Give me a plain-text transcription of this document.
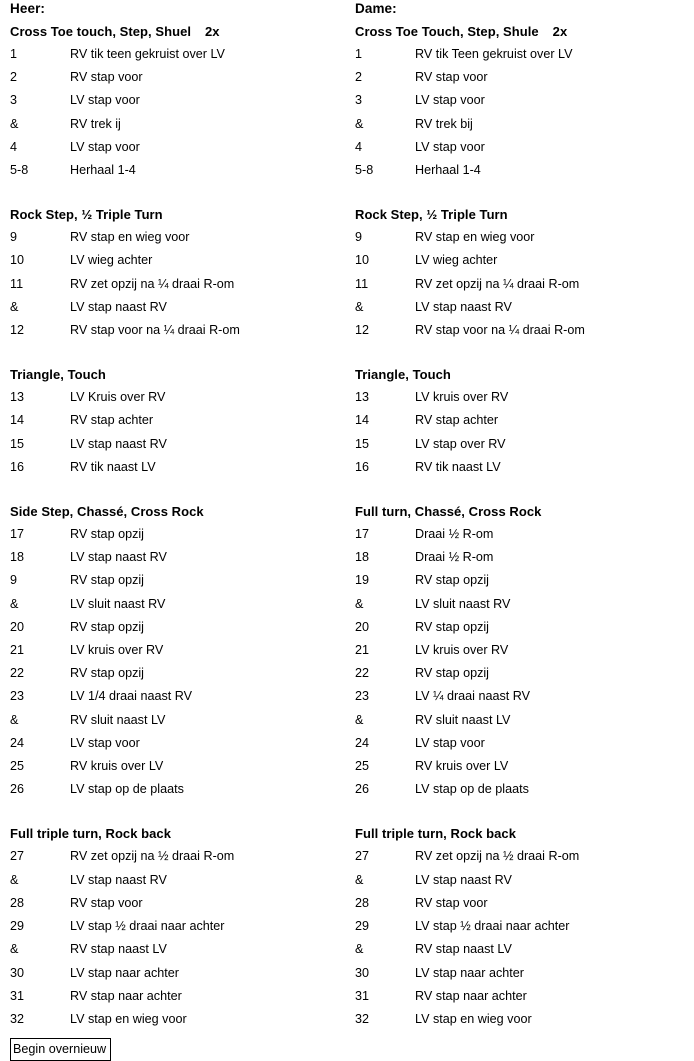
Heer:
Cross Toe touch, Step, Shuel 2x
1	RV tik teen gekruist over LV
2	RV stap voor
3	LV stap voor
&	RV trek ij
4	LV stap voor
5-8	Herhaal 1-4
Rock Step, ½ Triple Turn
9	RV stap en wieg voor
10	LV wieg achter
11	RV zet opzij na ¼ draai R-om
&	LV stap naast RV
12	RV stap voor na ¼ draai R-om
Triangle, Touch
13	LV Kruis over RV
14	RV stap achter
15	LV stap naast RV
16	RV tik naast LV
Side Step, Chassé, Cross Rock
17	RV stap opzij
18	LV stap naast RV
9	RV stap opzij
&	LV sluit naast RV
20	RV stap opzij
21	LV kruis over RV
22	RV stap opzij
23	LV 1/4 draai naast RV
&	RV sluit naast LV
24	LV stap voor
25	RV kruis over LV
26	LV stap op de plaats
Full triple turn, Rock back
27	RV zet opzij na ½ draai R-om
&	LV stap naast RV
28	RV stap voor
29	LV stap ½ draai naar achter
&	RV stap naast LV
30	LV stap naar achter
31	RV stap naar achter
32	LV stap en wieg voor
Dame:
Cross Toe Touch, Step, Shule 2x
1	RV tik Teen gekruist over LV
2	RV stap voor
3	LV stap voor
&	RV trek bij
4	LV stap voor
5-8	Herhaal 1-4
Rock Step, ½ Triple Turn
9	RV stap en wieg voor
10	LV wieg achter
11	RV zet opzij na ¼ draai R-om
&	LV stap naast RV
12	RV stap voor na ¼ draai R-om
Triangle, Touch
13	LV kruis over RV
14	RV stap achter
15	LV stap over RV
16	RV tik naast LV
Full turn, Chassé, Cross Rock
17	Draai ½ R-om
18	Draai ½ R-om
19	RV stap opzij
&	LV sluit naast RV
20	RV stap opzij
21	LV kruis over RV
22	RV stap opzij
23	LV ¼ draai naast RV
&	RV sluit naast LV
24	LV stap voor
25	RV kruis over LV
26	LV stap op de plaats
Full triple turn, Rock back
27	RV zet opzij na ½ draai R-om
&	LV stap naast RV
28	RV stap voor
29	LV stap ½ draai naar achter
&	RV stap naast LV
30	LV stap naar achter
31	RV stap naar achter
32	LV stap en wieg voor
Begin overnieuw
